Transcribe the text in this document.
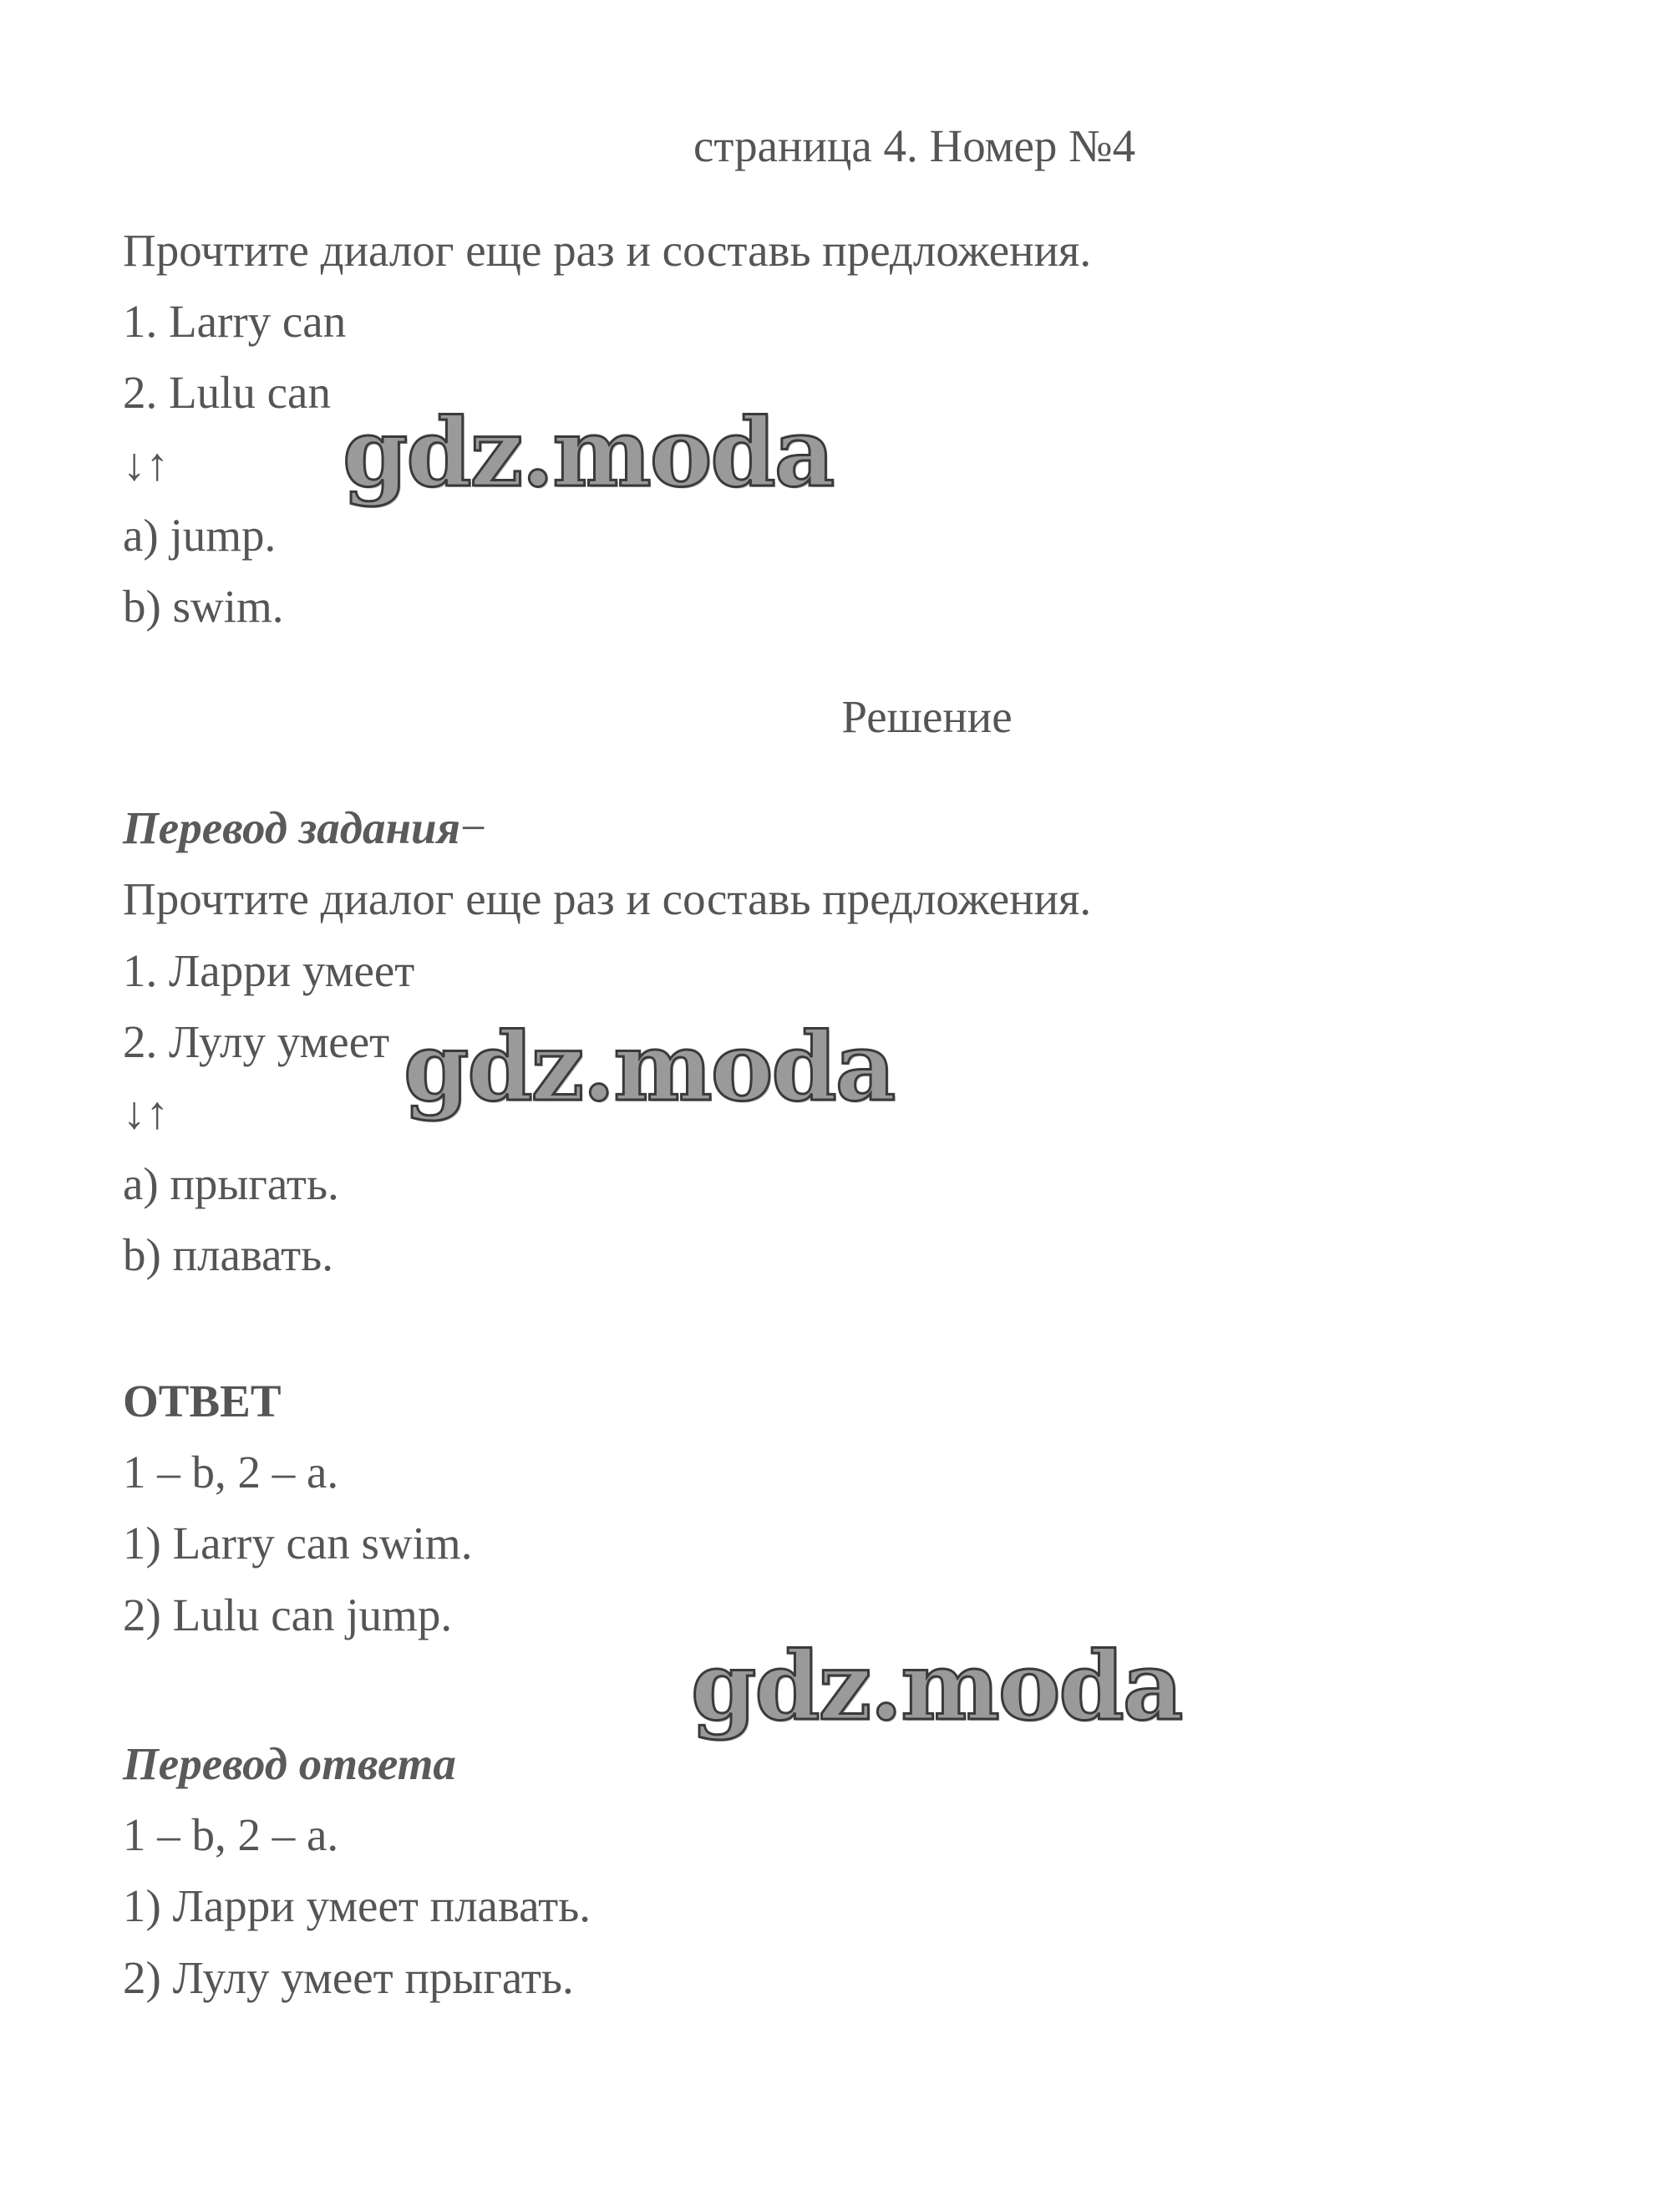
страница 4. Номер №4
Прочтите диалог еще раз и составь предложения.
1. Larry can
2. Lulu can
↓↑
a) jump.
b) swim.
gdz.moda
Решение
Перевод задания−
Прочтите диалог еще раз и составь предложения.
1. Ларри умеет
2. Лулу умеет
↓↑
a) прыгать.
b) плавать.
gdz.moda
ОТВЕТ
1 – b, 2 – a.
1) Larry can swim.
2) Lulu can jump.
gdz.moda
Перевод ответа
1 – b, 2 – a.
1) Ларри умеет плавать.
2) Лулу умеет прыгать.
